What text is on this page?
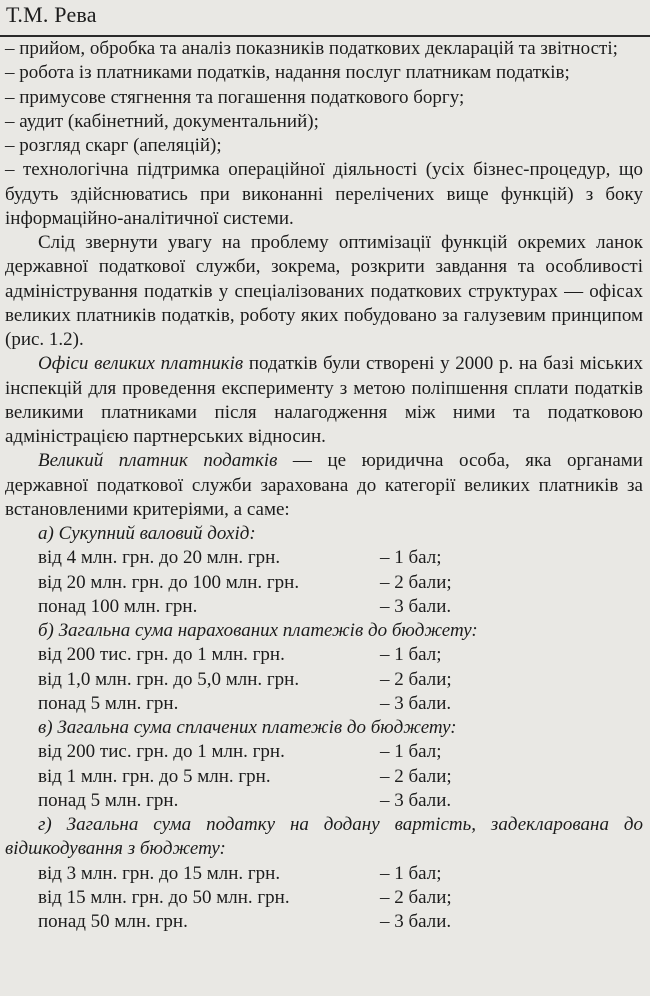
Т.М. Рева

– прийом, обробка та аналіз показників податкових декларацій та звітності;

– робота із платниками податків, надання послуг платникам податків;

– примусове стягнення та погашення податкового боргу;

– аудит (кабінетний, документальний);

– розгляд скарг (апеляцій);

– технологічна підтримка операційної діяльності (усіх бізнес-процедур, що будуть здійснюватись при виконанні перелічених вище функцій) з боку інформаційно-аналітичної системи.

Слід звернути увагу на проблему оптимізації функцій окремих ланок державної податкової служби, зокрема, розкрити завдання та особливості адміністрування податків у спеціалізованих податкових структурах — офісах великих платників податків, роботу яких побудовано за галузевим принципом (рис. 1.2).

Офіси великих платників податків були створені у 2000 р. на базі міських інспекцій для проведення експерименту з метою поліпшення сплати податків великими платниками після налагодження між ними та податковою адміністрацією партнерських відносин.

Великий платник податків — це юридична особа, яка органами державної податкової служби зарахована до категорії великих платників за встановленими критеріями, а саме:

а) Сукупний валовий дохід:

від 4 млн. грн. до 20 млн. грн.	– 1 бал;
від 20 млн. грн. до 100 млн. грн.	– 2 бали;
понад 100 млн. грн.	– 3 бали.

б) Загальна сума нарахованих платежів до бюджету:

від 200 тис. грн. до 1 млн. грн.	– 1 бал;
від 1,0 млн. грн. до 5,0 млн. грн.	– 2 бали;
понад 5 млн. грн.	– 3 бали.

в) Загальна сума сплачених платежів до бюджету:

від 200 тис. грн. до 1 млн. грн.	– 1 бал;
від 1 млн. грн. до 5 млн. грн.	– 2 бали;
понад 5 млн. грн.	– 3 бали.

г) Загальна сума податку на додану вартість, задекларована до відшкодування з бюджету:

від 3 млн. грн. до 15 млн. грн.	– 1 бал;
від 15 млн. грн. до 50 млн. грн.	– 2 бали;
понад 50 млн. грн.	– 3 бали.
